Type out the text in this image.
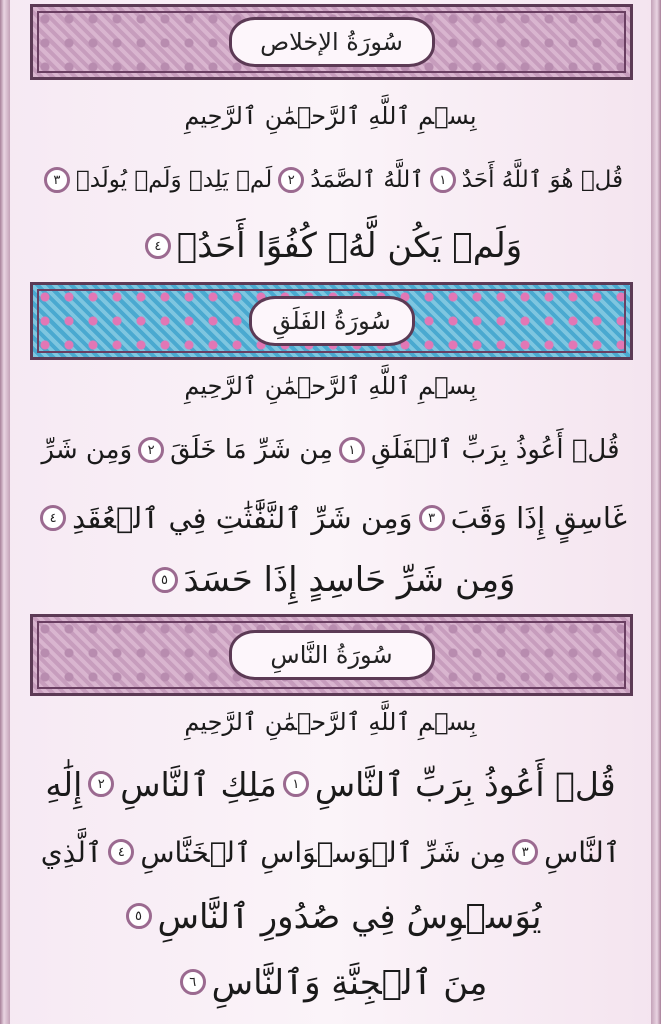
سُورَةُ الإخلاص
بِسۡمِ ٱللَّهِ ٱلرَّحۡمَٰنِ ٱلرَّحِيمِ
قُلۡ هُوَ ٱللَّهُ أَحَدٌ
١
ٱللَّهُ ٱلصَّمَدُ
٢
لَمۡ يَلِدۡ وَلَمۡ يُولَدۡ
٣
وَلَمۡ يَكُن لَّهُۥ كُفُوًا أَحَدُۢ
٤
سُورَةُ الفَلَقِ
بِسۡمِ ٱللَّهِ ٱلرَّحۡمَٰنِ ٱلرَّحِيمِ
قُلۡ أَعُوذُ بِرَبِّ ٱلۡفَلَقِ
١
مِن شَرِّ مَا خَلَقَ
٢
وَمِن شَرِّ
غَاسِقٍ إِذَا وَقَبَ
٣
وَمِن شَرِّ ٱلنَّفَّٰثَٰتِ فِي ٱلۡعُقَدِ
٤
وَمِن شَرِّ حَاسِدٍ إِذَا حَسَدَ
٥
سُورَةُ النَّاسِ
بِسۡمِ ٱللَّهِ ٱلرَّحۡمَٰنِ ٱلرَّحِيمِ
قُلۡ أَعُوذُ بِرَبِّ ٱلنَّاسِ
١
مَلِكِ ٱلنَّاسِ
٢
إِلَٰهِ
ٱلنَّاسِ
٣
مِن شَرِّ ٱلۡوَسۡوَاسِ ٱلۡخَنَّاسِ
٤
ٱلَّذِي
يُوَسۡوِسُ فِي صُدُورِ ٱلنَّاسِ
٥
مِنَ ٱلۡجِنَّةِ وَٱلنَّاسِ
٦
